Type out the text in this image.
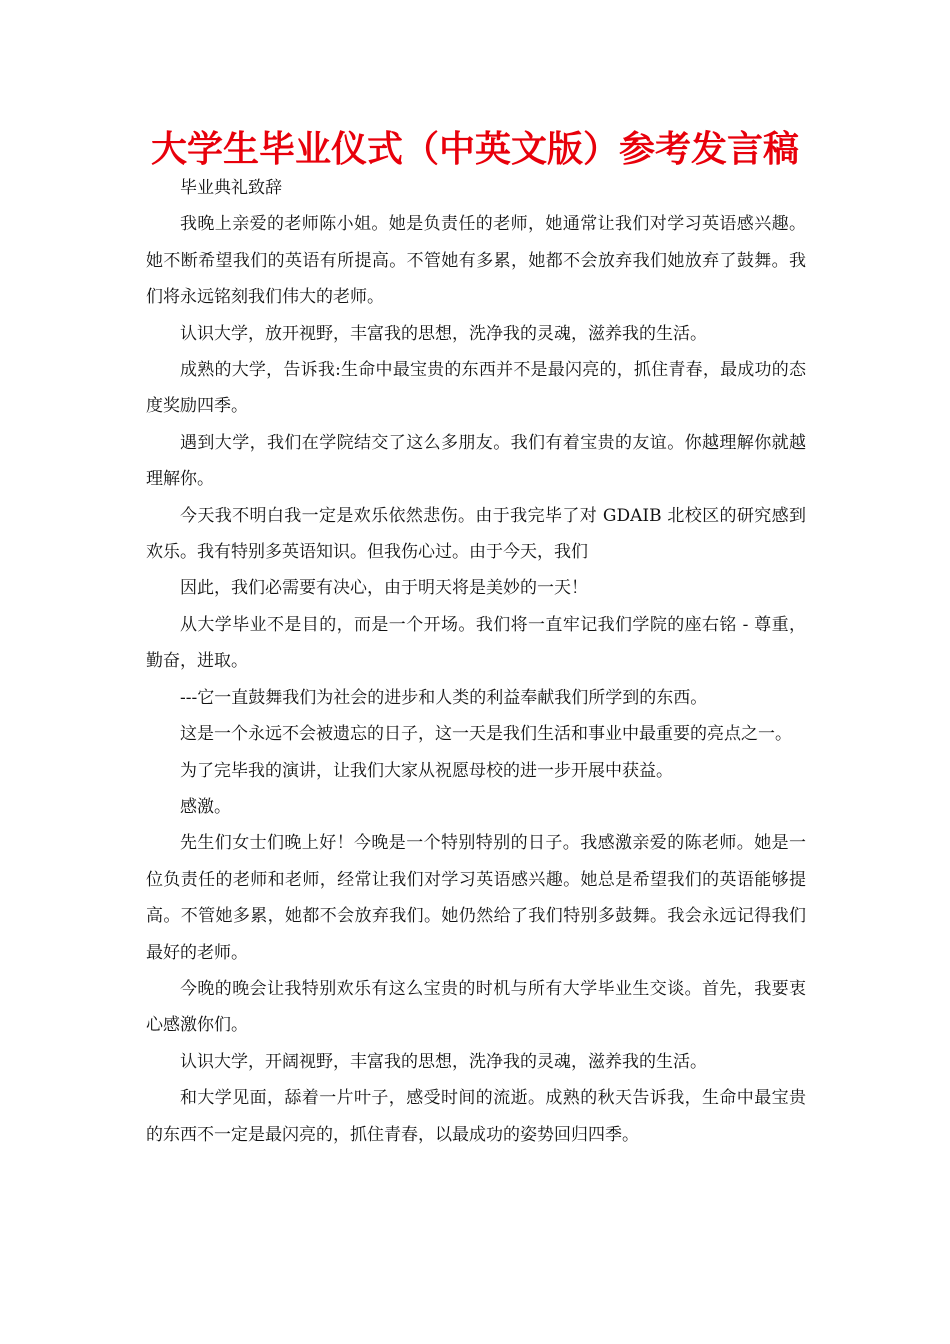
大学生毕业仪式（中英文版）参考发言稿

毕业典礼致辞

我晚上亲爱的老师陈小姐。她是负责任的老师，她通常让我们对学习英语感兴趣。她不断希望我们的英语有所提高。不管她有多累，她都不会放弃我们她放弃了鼓舞。我们将永远铭刻我们伟大的老师。

认识大学，放开视野，丰富我的思想，洗净我的灵魂，滋养我的生活。

成熟的大学，告诉我:生命中最宝贵的东西并不是最闪亮的，抓住青春，最成功的态度奖励四季。

遇到大学，我们在学院结交了这么多朋友。我们有着宝贵的友谊。你越理解你就越理解你。

今天我不明白我一定是欢乐依然悲伤。由于我完毕了对 GDAIB 北校区的研究感到欢乐。我有特别多英语知识。但我伤心过。由于今天，我们

因此，我们必需要有决心，由于明天将是美妙的一天！

从大学毕业不是目的，而是一个开场。我们将一直牢记我们学院的座右铭 - 尊重，勤奋，进取。

---它一直鼓舞我们为社会的进步和人类的利益奉献我们所学到的东西。

这是一个永远不会被遗忘的日子，这一天是我们生活和事业中最重要的亮点之一。

为了完毕我的演讲，让我们大家从祝愿母校的进一步开展中获益。

感激。

先生们女士们晚上好！今晚是一个特别特别的日子。我感激亲爱的陈老师。她是一位负责任的老师和老师，经常让我们对学习英语感兴趣。她总是希望我们的英语能够提高。不管她多累，她都不会放弃我们。她仍然给了我们特别多鼓舞。我会永远记得我们最好的老师。

今晚的晚会让我特别欢乐有这么宝贵的时机与所有大学毕业生交谈。首先，我要衷心感激你们。

认识大学，开阔视野，丰富我的思想，洗净我的灵魂，滋养我的生活。

和大学见面，舔着一片叶子，感受时间的流逝。成熟的秋天告诉我，生命中最宝贵的东西不一定是最闪亮的，抓住青春，以最成功的姿势回归四季。
